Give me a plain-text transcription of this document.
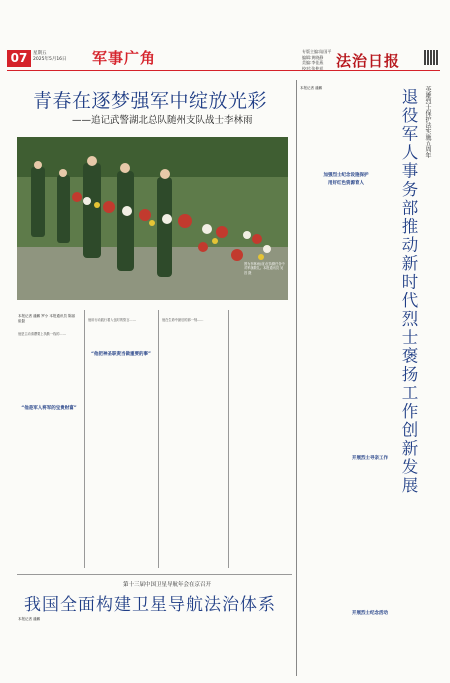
07	星期五
2025年5月16日 军事广角	专版主编:陆国平
编辑:黄晓静
美编:李佳燕
校对:张仲祥 法治日报
青春在逐梦强军中绽放光彩
——追记武警湖北总队随州支队战士李林雨
图为李林雨(前)在执勤任务中对军旗敬礼。本报通讯员 吴昌 摄
本报记者 潘鹏 罗小 本报通讯员 陈丽 崔磊

他是主动请缨要上执勤一线的……

“他是军人将军的宝贵财富”

他用行动践行着入伍时的誓言……

“他把神圣职责当做重要的事”

他在生命中最后的那一刻……

第十三届中国卫星导航年会在京召开
我国全面构建卫星导航法治体系
本报记者 潘鹏
本报记者 潘鹏	英雄烈士保护法实施五周年
退役军人事务部推动新时代烈士褒扬工作创新发展
加强烈士纪念设施保护
用好红色资源育人
开展烈士寻亲工作
开展烈士纪念活动
